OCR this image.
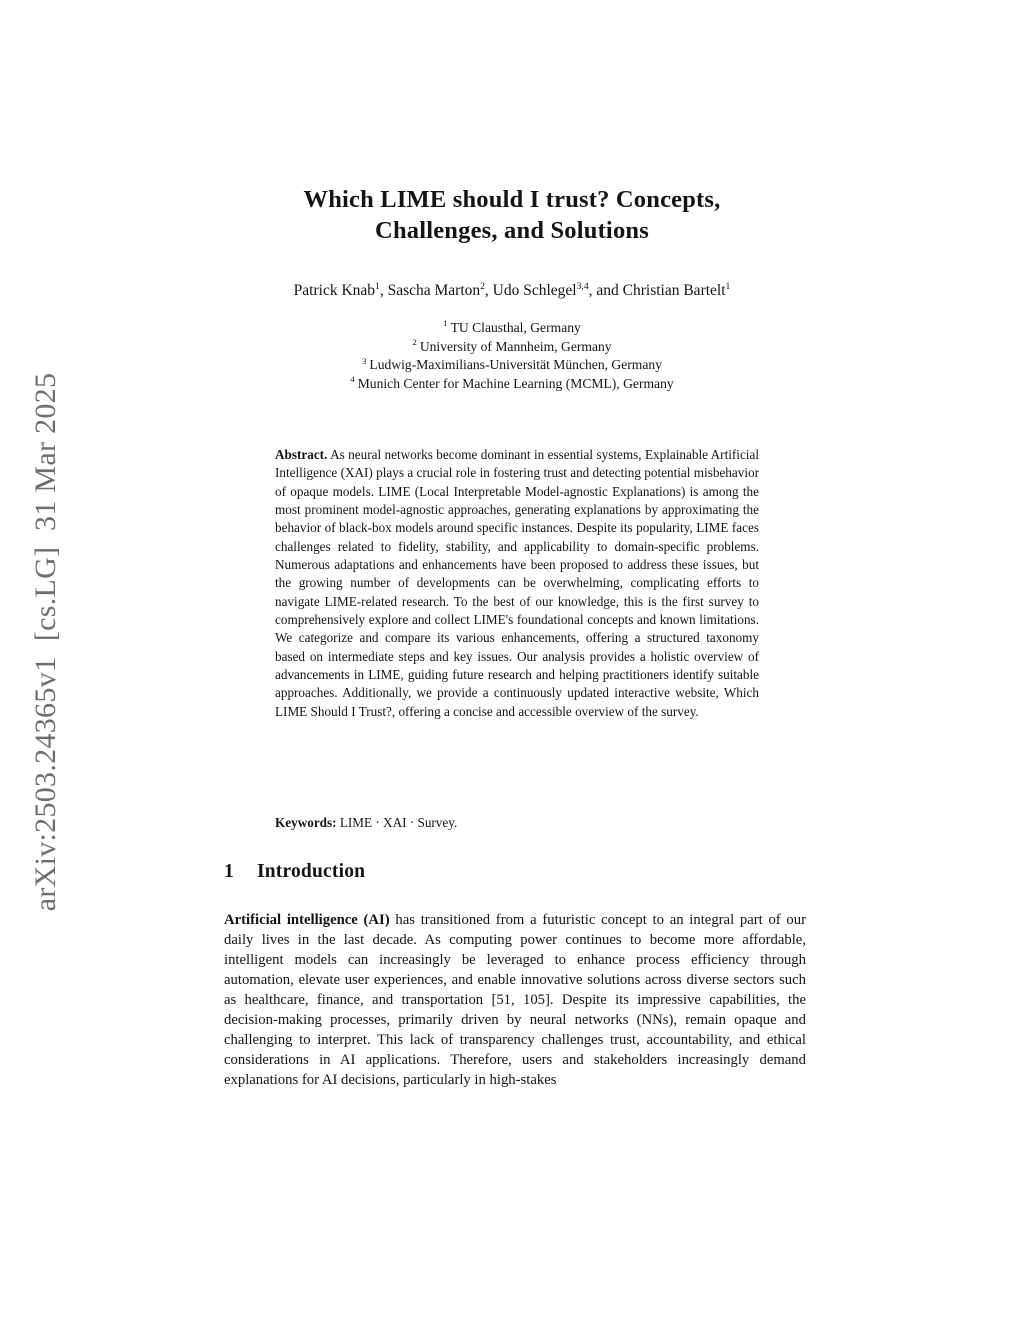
arXiv:2503.24365v1  [cs.LG]  31 Mar 2025
Which LIME should I trust? Concepts,
Challenges, and Solutions

Patrick Knab$^1$, Sascha Marton$^2$, Udo Schlegel$^{3,4}$, and Christian Bartelt$^1$

$^1$ TU Clausthal, Germany
$^2$ University of Mannheim, Germany
$^3$ Ludwig-Maximilians-Universität München, Germany
$^4$ Munich Center for Machine Learning (MCML), Germany

Abstract. As neural networks become dominant in essential systems, Explainable Artificial Intelligence (XAI) plays a crucial role in fostering trust and detecting potential misbehavior of opaque models. LIME (Local Interpretable Model-agnostic Explanations) is among the most prominent model-agnostic approaches, generating explanations by approximating the behavior of black-box models around specific instances. Despite its popularity, LIME faces challenges related to fidelity, stability, and applicability to domain-specific problems. Numerous adaptations and enhancements have been proposed to address these issues, but the growing number of developments can be overwhelming, complicating efforts to navigate LIME-related research. To the best of our knowledge, this is the first survey to comprehensively explore and collect LIME's foundational concepts and known limitations. We categorize and compare its various enhancements, offering a structured taxonomy based on intermediate steps and key issues. Our analysis provides a holistic overview of advancements in LIME, guiding future research and helping practitioners identify suitable approaches. Additionally, we provide a continuously updated interactive website, Which LIME Should I Trust?, offering a concise and accessible overview of the survey.

Keywords: LIME · XAI · Survey.

1 Introduction

Artificial intelligence (AI) has transitioned from a futuristic concept to an integral part of our daily lives in the last decade. As computing power continues to become more affordable, intelligent models can increasingly be leveraged to enhance process efficiency through automation, elevate user experiences, and enable innovative solutions across diverse sectors such as healthcare, finance, and transportation [51, 105]. Despite its impressive capabilities, the decision-making processes, primarily driven by neural networks (NNs), remain opaque and challenging to interpret. This lack of transparency challenges trust, accountability, and ethical considerations in AI applications. Therefore, users and stakeholders increasingly demand explanations for AI decisions, particularly in high-stakes
